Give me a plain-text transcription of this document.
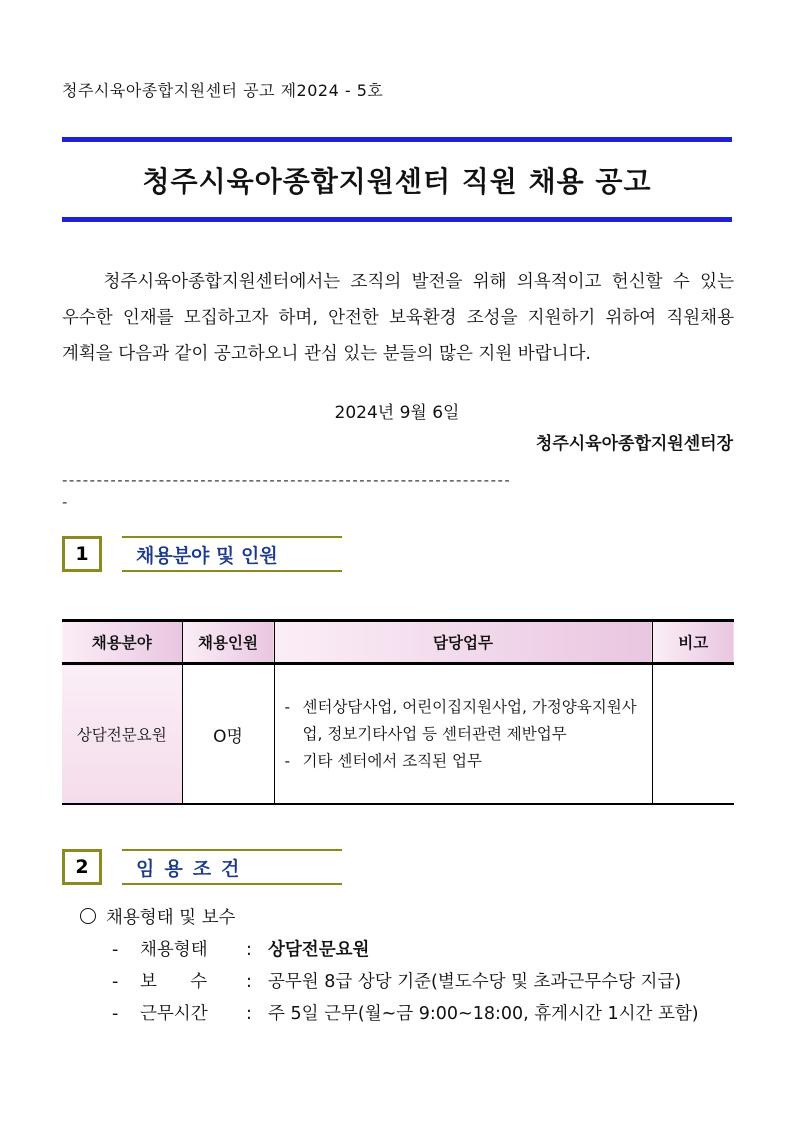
청주시육아종합지원센터 공고 제2024 - 5호
청주시육아종합지원센터 직원 채용 공고
청주시육아종합지원센터에서는 조직의 발전을 위해 의욕적이고 헌신할 수 있는 우수한 인재를 모집하고자 하며, 안전한 보육환경 조성을 지원하기 위하여 직원채용 계획을 다음과 같이 공고하오니 관심 있는 분들의 많은 지원 바랍니다.
2024년 9월 6일
청주시육아종합지원센터장
-----------------------------------------------------------------
-
1	채용분야 및 인원
채용분야	채용인원	담당업무	비고
상담전문요원	O명	- 센터상담사업, 어린이집지원사업, 가정양육지원사업, 정보기타사업 등 센터관련 제반업무
- 기타 센터에서 조직된 업무	

2	임용조건
채용형태 및 보수
-	채용형태	: 상담전문요원
-	보      수	: 공무원 8급 상당 기준(별도수당 및 초과근무수당 지급)
-	근무시간	: 주 5일 근무(월~금 9:00~18:00, 휴게시간 1시간 포함)
